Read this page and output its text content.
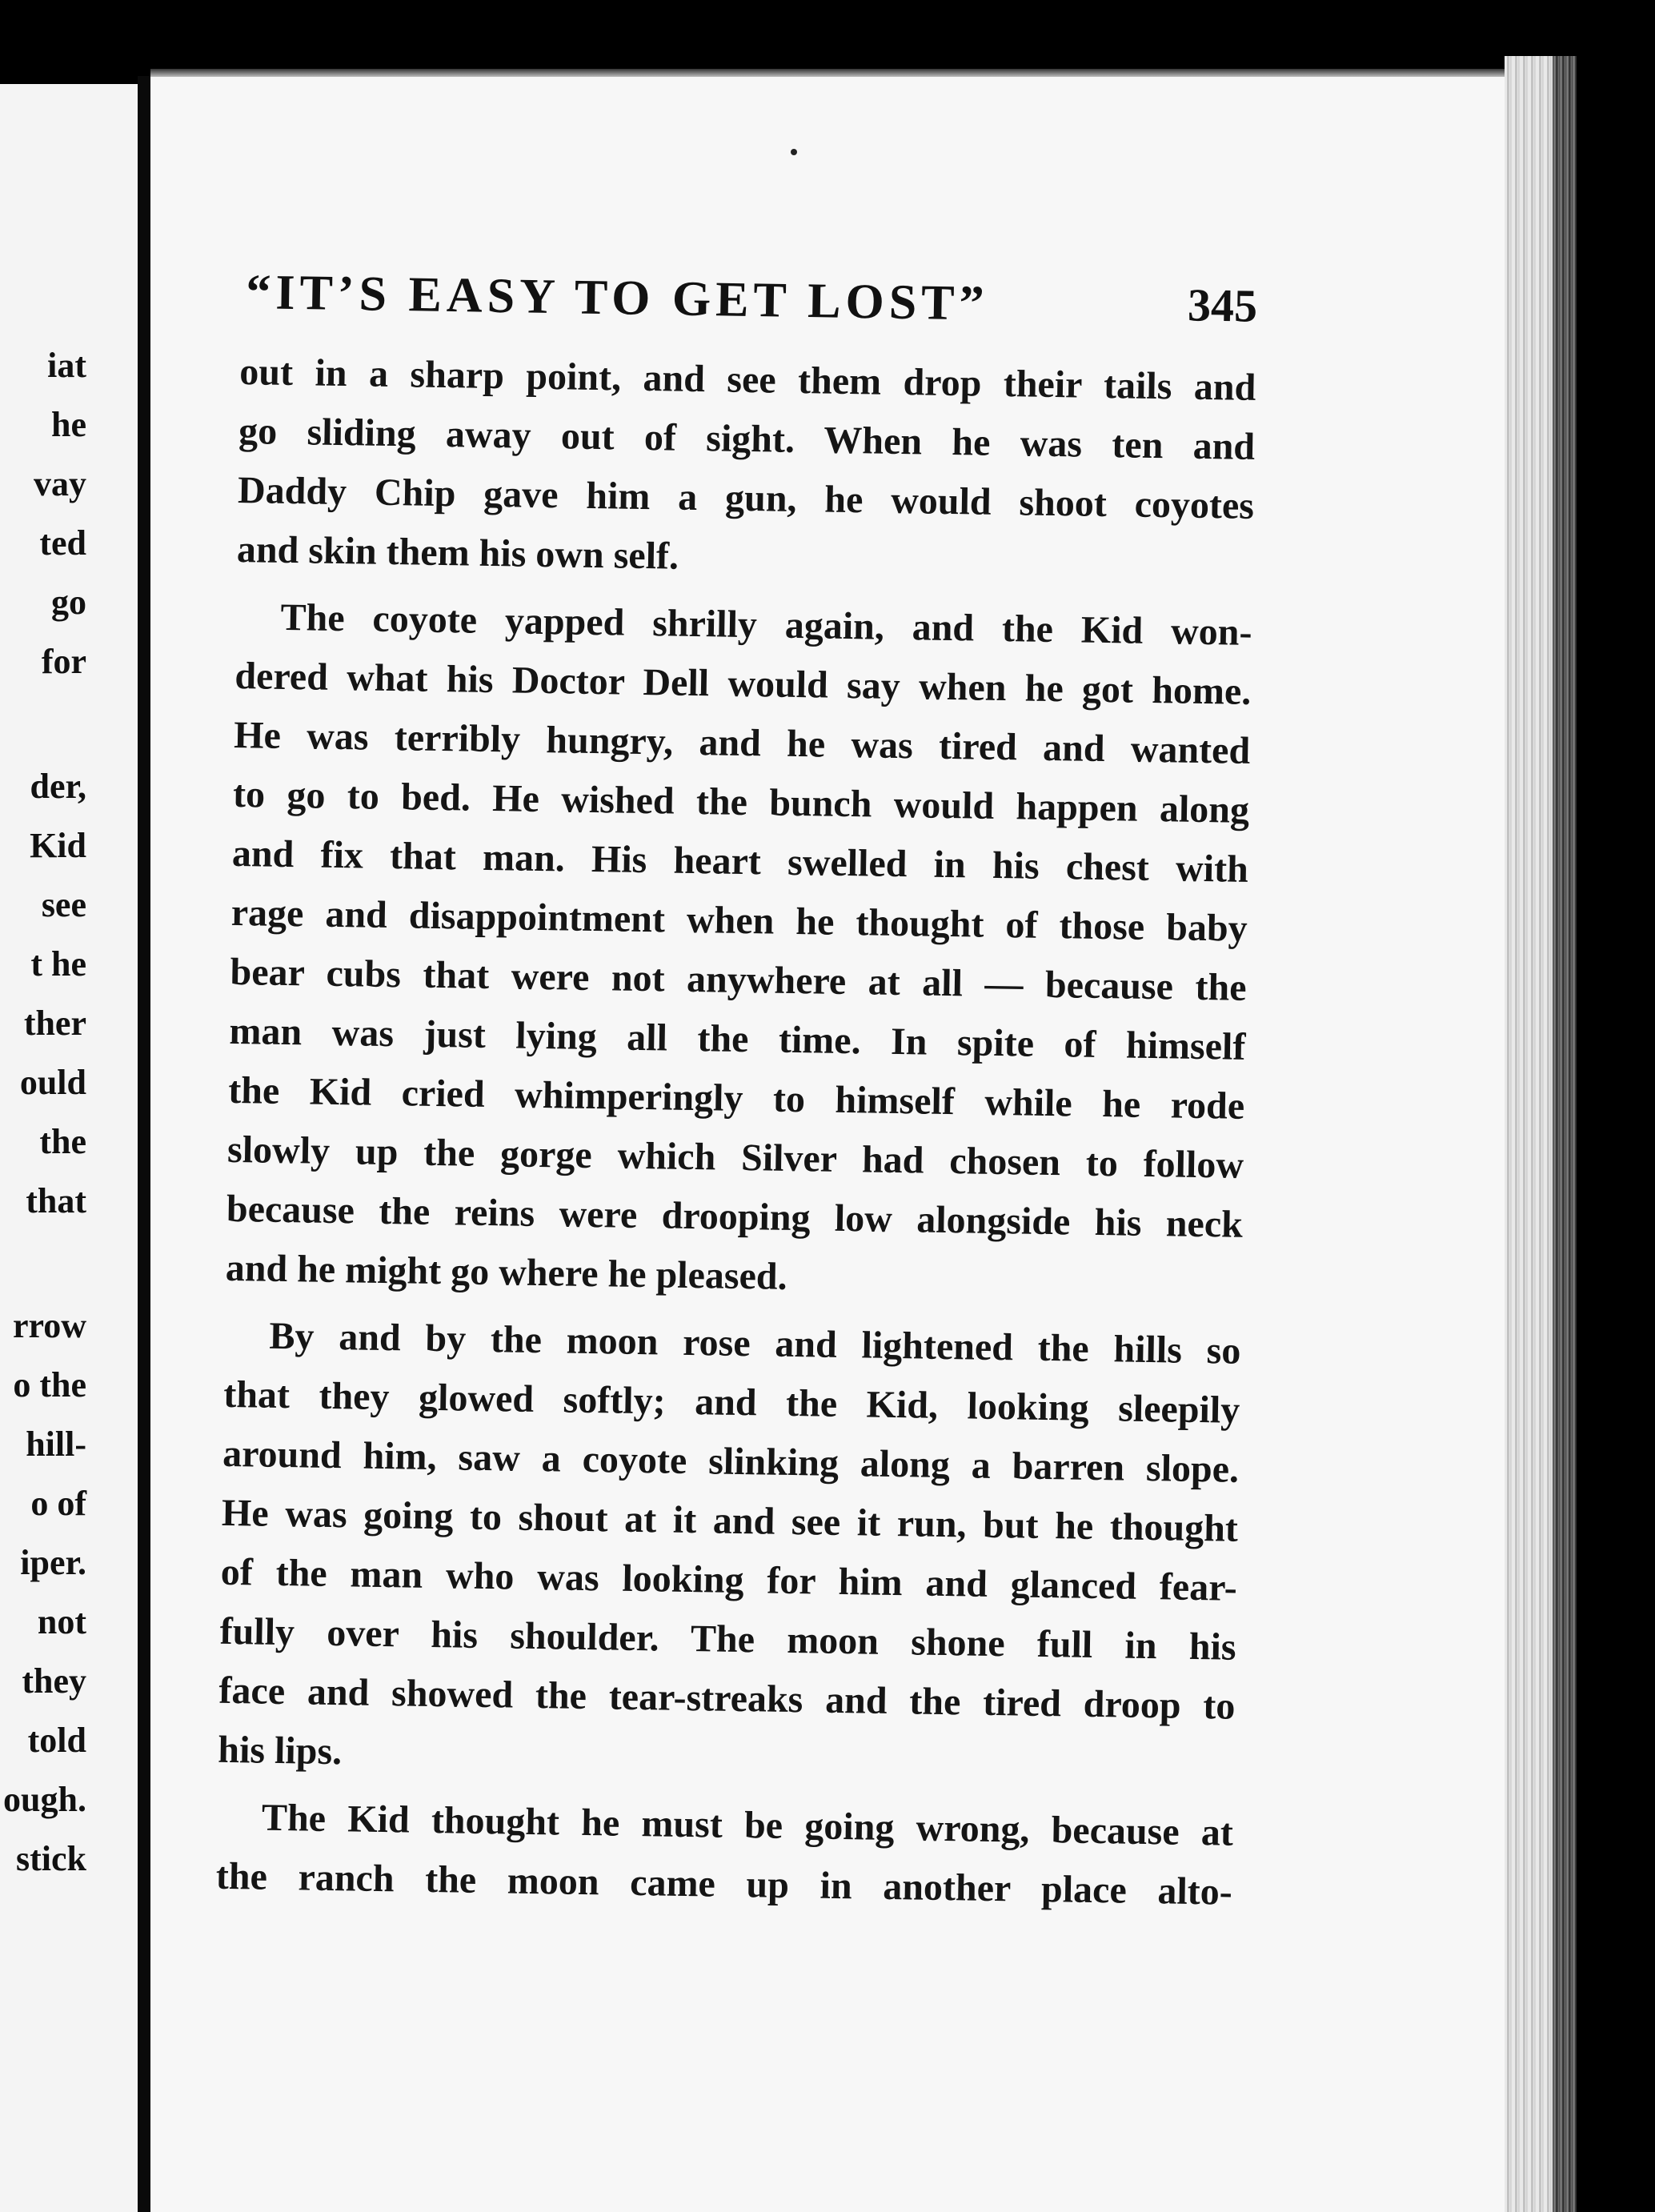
iat
he
vay
ted
go
for
der,
Kid
see
t he
ther
ould
the
that
rrow
o the
hill-
o of
iper.
not
they
told
ough.
stick
“IT’S EASY TO GET LOST”	345
out in a sharp point, and see them drop their tails and
go sliding away out of sight. When he was ten and
Daddy Chip gave him a gun, he would shoot coyotes
and skin them his own self.
The coyote yapped shrilly again, and the Kid won-
dered what his Doctor Dell would say when he got home.
He was terribly hungry, and he was tired and wanted
to go to bed. He wished the bunch would happen along
and fix that man. His heart swelled in his chest with
rage and disappointment when he thought of those baby
bear cubs that were not anywhere at all — because the
man was just lying all the time. In spite of himself
the Kid cried whimperingly to himself while he rode
slowly up the gorge which Silver had chosen to follow
because the reins were drooping low alongside his neck
and he might go where he pleased.
By and by the moon rose and lightened the hills so
that they glowed softly; and the Kid, looking sleepily
around him, saw a coyote slinking along a barren slope.
He was going to shout at it and see it run, but he thought
of the man who was looking for him and glanced fear-
fully over his shoulder. The moon shone full in his
face and showed the tear-streaks and the tired droop to
his lips.
The Kid thought he must be going wrong, because at
the ranch the moon came up in another place alto-
